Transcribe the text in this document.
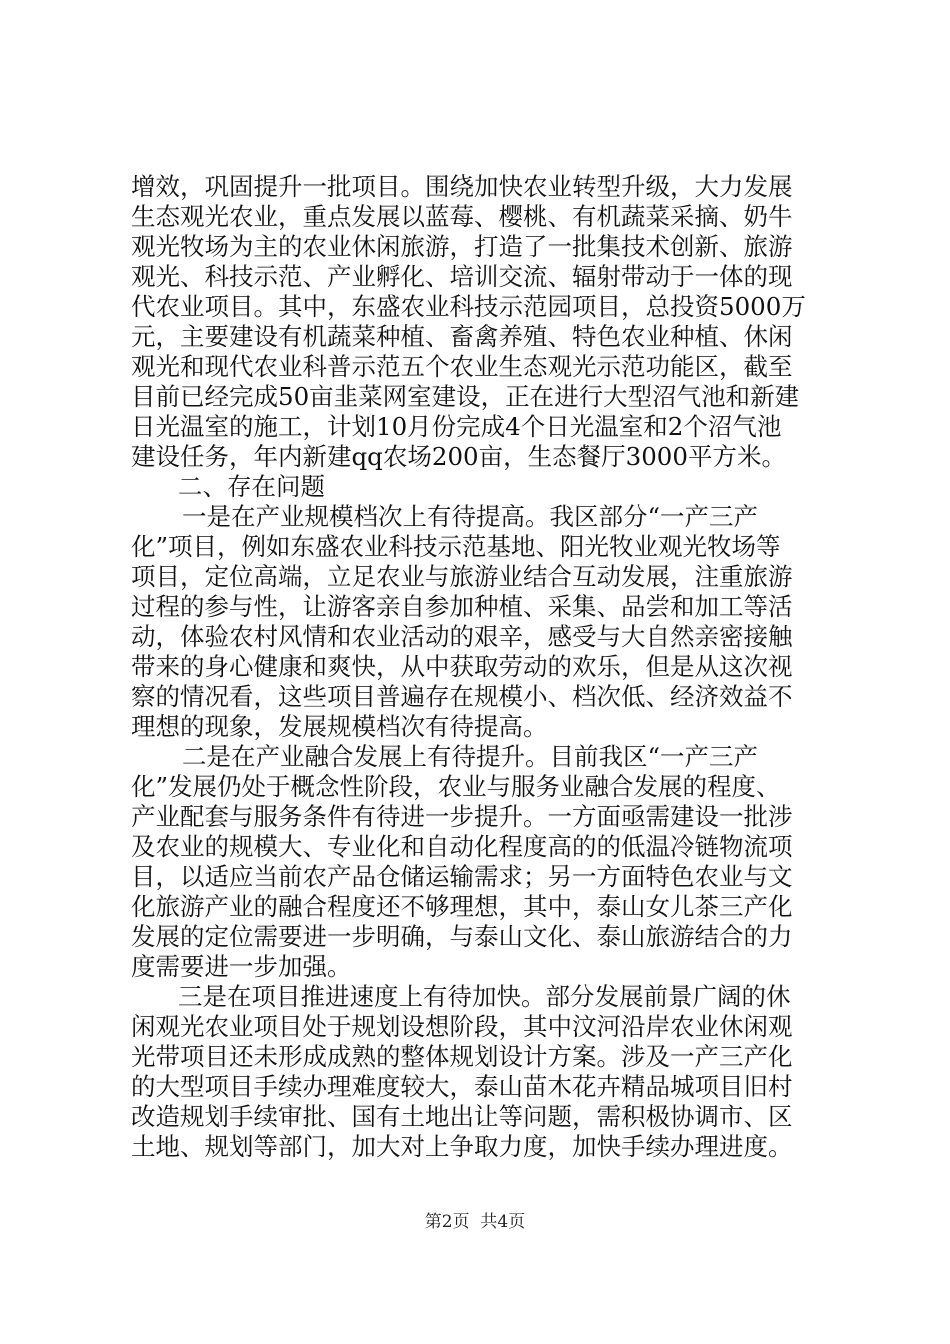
增效，巩固提升一批项目。围绕加快农业转型升级，大力发展
生态观光农业，重点发展以蓝莓、樱桃、有机蔬菜采摘、奶牛
观光牧场为主的农业休闲旅游，打造了一批集技术创新、旅游
观光、科技示范、产业孵化、培训交流、辐射带动于一体的现
代农业项目。其中，东盛农业科技示范园项目，总投资5000万
元，主要建设有机蔬菜种植、畜禽养殖、特色农业种植、休闲
观光和现代农业科普示范五个农业生态观光示范功能区，截至
目前已经完成50亩韭菜网室建设，正在进行大型沼气池和新建
日光温室的施工，计划10月份完成4个日光温室和2个沼气池
建设任务，年内新建qq农场200亩，生态餐厅3000平方米。
二、存在问题
一是在产业规模档次上有待提高。我区部分“一产三产
化”项目，例如东盛农业科技示范基地、阳光牧业观光牧场等
项目，定位高端，立足农业与旅游业结合互动发展，注重旅游
过程的参与性，让游客亲自参加种植、采集、品尝和加工等活
动，体验农村风情和农业活动的艰辛，感受与大自然亲密接触
带来的身心健康和爽快，从中获取劳动的欢乐，但是从这次视
察的情况看，这些项目普遍存在规模小、档次低、经济效益不
理想的现象，发展规模档次有待提高。
二是在产业融合发展上有待提升。目前我区“一产三产
化”发展仍处于概念性阶段，农业与服务业融合发展的程度、
产业配套与服务条件有待进一步提升。一方面亟需建设一批涉
及农业的规模大、专业化和自动化程度高的的低温冷链物流项
目，以适应当前农产品仓储运输需求；另一方面特色农业与文
化旅游产业的融合程度还不够理想，其中，泰山女儿茶三产化
发展的定位需要进一步明确，与泰山文化、泰山旅游结合的力
度需要进一步加强。
三是在项目推进速度上有待加快。部分发展前景广阔的休
闲观光农业项目处于规划设想阶段，其中汶河沿岸农业休闲观
光带项目还未形成成熟的整体规划设计方案。涉及一产三产化
的大型项目手续办理难度较大，泰山苗木花卉精品城项目旧村
改造规划手续审批、国有土地出让等问题，需积极协调市、区
土地、规划等部门，加大对上争取力度，加快手续办理进度。
第2页  共4页
